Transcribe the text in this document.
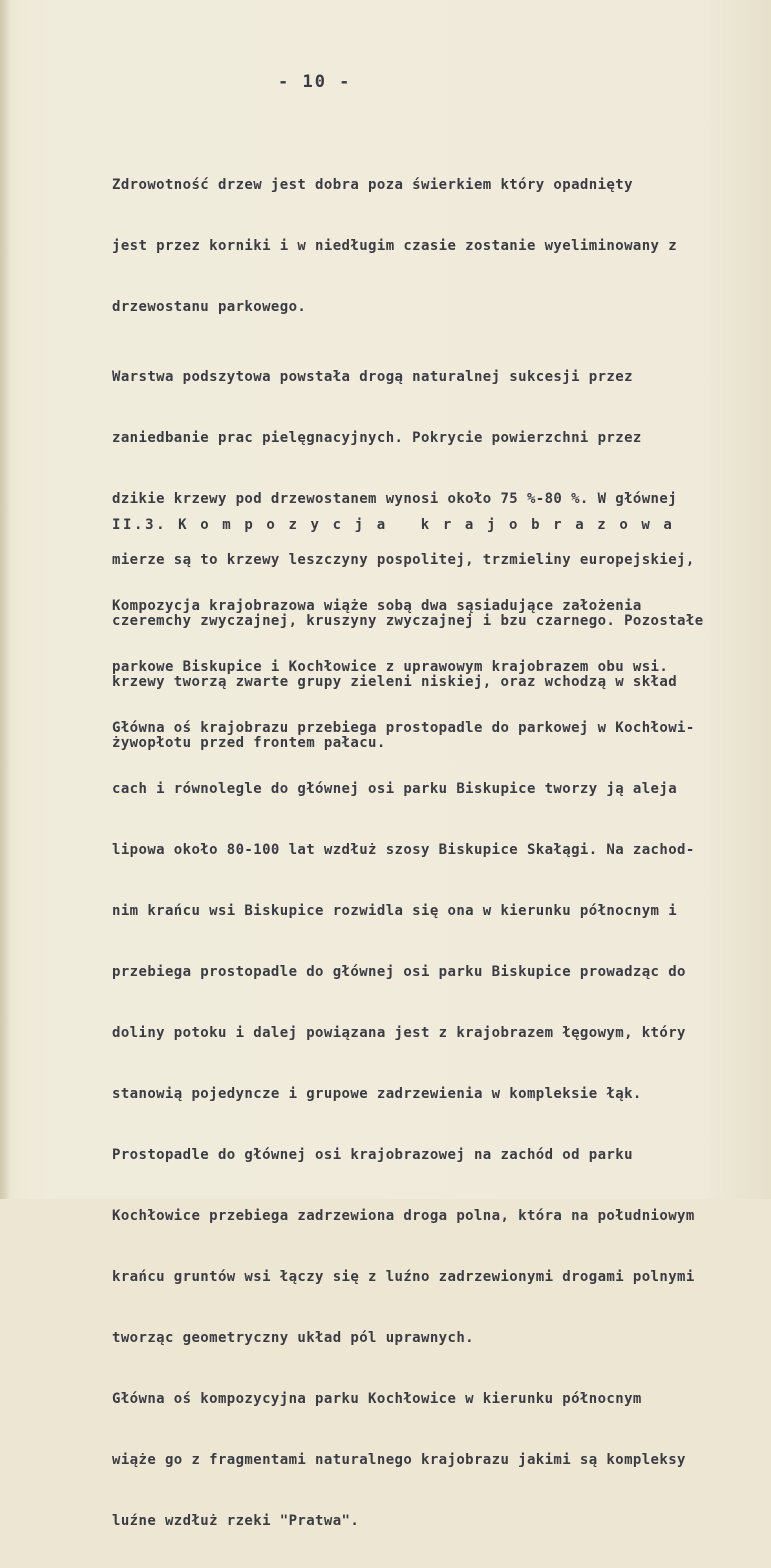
- 10 -

Zdrowotność drzew jest dobra poza świerkiem który opadnięty

jest przez korniki i w niedługim czasie zostanie wyeliminowany z

drzewostanu parkowego.

Warstwa podszytowa powstała drogą naturalnej sukcesji przez

zaniedbanie prac pielęgnacyjnych. Pokrycie powierzchni przez

dzikie krzewy pod drzewostanem wynosi około 75 %-80 %. W głównej

mierze są to krzewy leszczyny pospolitej, trzmieliny europejskiej,

czeremchy zwyczajnej, kruszyny zwyczajnej i bzu czarnego. Pozostałe

krzewy tworzą zwarte grupy zieleni niskiej, oraz wchodzą w skład

żywopłotu przed frontem pałacu.

II.3. K o m p o z y c j a   k r a j o b r a z o w a

Kompozycja krajobrazowa wiąże sobą dwa sąsiadujące założenia

parkowe Biskupice i Kochłowice z uprawowym krajobrazem obu wsi.

Główna oś krajobrazu przebiega prostopadle do parkowej w Kochłowi-

cach i równolegle do głównej osi parku Biskupice tworzy ją aleja

lipowa około 80-100 lat wzdłuż szosy Biskupice Skałągi. Na zachod-

nim krańcu wsi Biskupice rozwidla się ona w kierunku północnym i

przebiega prostopadle do głównej osi parku Biskupice prowadząc do

doliny potoku i dalej powiązana jest z krajobrazem łęgowym, który

stanowią pojedyncze i grupowe zadrzewienia w kompleksie łąk.

Prostopadle do głównej osi krajobrazowej na zachód od parku

Kochłowice przebiega zadrzewiona droga polna, która na południowym

krańcu gruntów wsi łączy się z luźno zadrzewionymi drogami polnymi

tworząc geometryczny układ pól uprawnych.

Główna oś kompozycyjna parku Kochłowice w kierunku północnym

wiąże go z fragmentami naturalnego krajobrazu jakimi są kompleksy

luźne wzdłuż rzeki "Pratwa".
